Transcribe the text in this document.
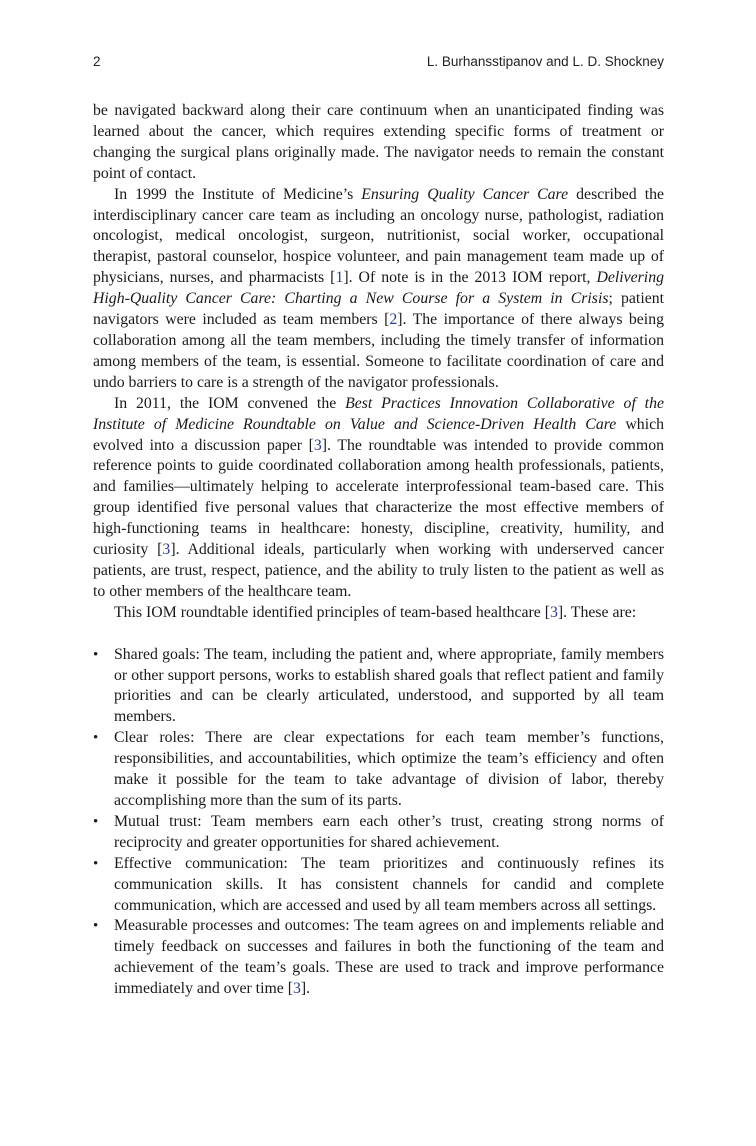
2	L. Burhansstipanov and L. D. Shockney

be navigated backward along their care continuum when an unanticipated finding was learned about the cancer, which requires extending specific forms of treatment or changing the surgical plans originally made. The navigator needs to remain the constant point of contact.

In 1999 the Institute of Medicine’s Ensuring Quality Cancer Care described the interdisciplinary cancer care team as including an oncology nurse, pathologist, radiation oncologist, medical oncologist, surgeon, nutritionist, social worker, occupational therapist, pastoral counselor, hospice volunteer, and pain management team made up of physicians, nurses, and pharmacists [1]. Of note is in the 2013 IOM report, Delivering High-Quality Cancer Care: Charting a New Course for a System in Crisis; patient navigators were included as team members [2]. The importance of there always being collaboration among all the team members, including the timely transfer of information among members of the team, is essential. Someone to facilitate coordination of care and undo barriers to care is a strength of the navigator professionals.

In 2011, the IOM convened the Best Practices Innovation Collaborative of the Institute of Medicine Roundtable on Value and Science-Driven Health Care which evolved into a discussion paper [3]. The roundtable was intended to provide common reference points to guide coordinated collaboration among health professionals, patients, and families—ultimately helping to accelerate interprofessional team-based care. This group identified five personal values that characterize the most effective members of high-functioning teams in healthcare: honesty, discipline, creativity, humility, and curiosity [3]. Additional ideals, particularly when working with underserved cancer patients, are trust, respect, patience, and the ability to truly listen to the patient as well as to other members of the healthcare team.

This IOM roundtable identified principles of team-based healthcare [3]. These are:

• Shared goals: The team, including the patient and, where appropriate, family members or other support persons, works to establish shared goals that reflect patient and family priorities and can be clearly articulated, understood, and supported by all team members.
• Clear roles: There are clear expectations for each team member’s functions, responsibilities, and accountabilities, which optimize the team’s efficiency and often make it possible for the team to take advantage of division of labor, thereby accomplishing more than the sum of its parts.
• Mutual trust: Team members earn each other’s trust, creating strong norms of reciprocity and greater opportunities for shared achievement.
• Effective communication: The team prioritizes and continuously refines its communication skills. It has consistent channels for candid and complete communication, which are accessed and used by all team members across all settings.
• Measurable processes and outcomes: The team agrees on and implements reliable and timely feedback on successes and failures in both the functioning of the team and achievement of the team’s goals. These are used to track and improve performance immediately and over time [3].
